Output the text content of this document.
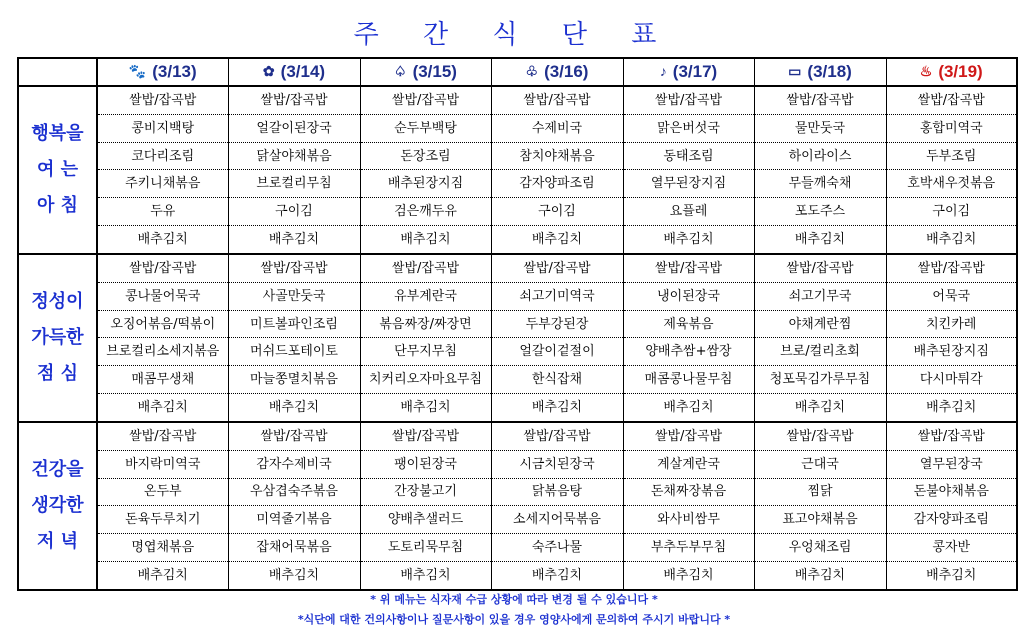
주 간 식 단 표
	🐾 (3/13)	✿ (3/14)	♤ (3/15)	♧ (3/16)	♪ (3/17)	▭ (3/18)	♨ (3/19)

행복을
여 는
아 침	쌀밥/잡곡밥	쌀밥/잡곡밥	쌀밥/잡곡밥	쌀밥/잡곡밥	쌀밥/잡곡밥	쌀밥/잡곡밥	쌀밥/잡곡밥

	콩비지백탕	얼갈이된장국	순두부백탕	수제비국	맑은버섯국	물만둣국	홍합미역국

	코다리조림	닭살야채볶음	돈장조림	참치야채볶음	동태조림	하이라이스	두부조림

	주키니채볶음	브로컬리무침	배추된장지짐	감자양파조림	열무된장지짐	무들깨숙채	호박새우젓볶음

	두유	구이김	검은깨두유	구이김	요플레	포도주스	구이김

	배추김치	배추김치	배추김치	배추김치	배추김치	배추김치	배추김치

정성이
가득한
점 심	쌀밥/잡곡밥	쌀밥/잡곡밥	쌀밥/잡곡밥	쌀밥/잡곡밥	쌀밥/잡곡밥	쌀밥/잡곡밥	쌀밥/잡곡밥

	콩나물어묵국	사골만둣국	유부계란국	쇠고기미역국	냉이된장국	쇠고기무국	어묵국

	오징어볶음/떡볶이	미트볼파인조림	볶음짜장/짜장면	두부강된장	제육볶음	야채계란찜	치킨카레

	브로컬리소세지볶음	머쉬드포테이토	단무지무침	얼갈이겉절이	양배추쌈+쌈장	브로/컬리초회	배추된장지짐

	매콤무생채	마늘쫑멸치볶음	치커리오자마요무침	한식잡채	매콤콩나물무침	청포묵김가루무침	다시마튀각

	배추김치	배추김치	배추김치	배추김치	배추김치	배추김치	배추김치

건강을
생각한
저 녁	쌀밥/잡곡밥	쌀밥/잡곡밥	쌀밥/잡곡밥	쌀밥/잡곡밥	쌀밥/잡곡밥	쌀밥/잡곡밥	쌀밥/잡곡밥

	바지락미역국	감자수제비국	팽이된장국	시금치된장국	계살계란국	근대국	열무된장국

	온두부	우삼겹숙주볶음	간장불고기	닭볶음탕	돈채짜장볶음	찜닭	돈불야채볶음

	돈육두루치기	미역줄기볶음	양배추샐러드	소세지어묵볶음	와사비쌈무	표고야채볶음	감자양파조림

	명엽채볶음	잡채어묵볶음	도토리묵무침	숙주나물	부추두부무침	우엉채조림	콩자반

	배추김치	배추김치	배추김치	배추김치	배추김치	배추김치	배추김치
* 위 메뉴는 식자재 수급 상황에 따라 변경 될 수 있습니다 *
*식단에 대한 건의사항이나 질문사항이 있을 경우 영양사에게 문의하여 주시기 바랍니다 *
